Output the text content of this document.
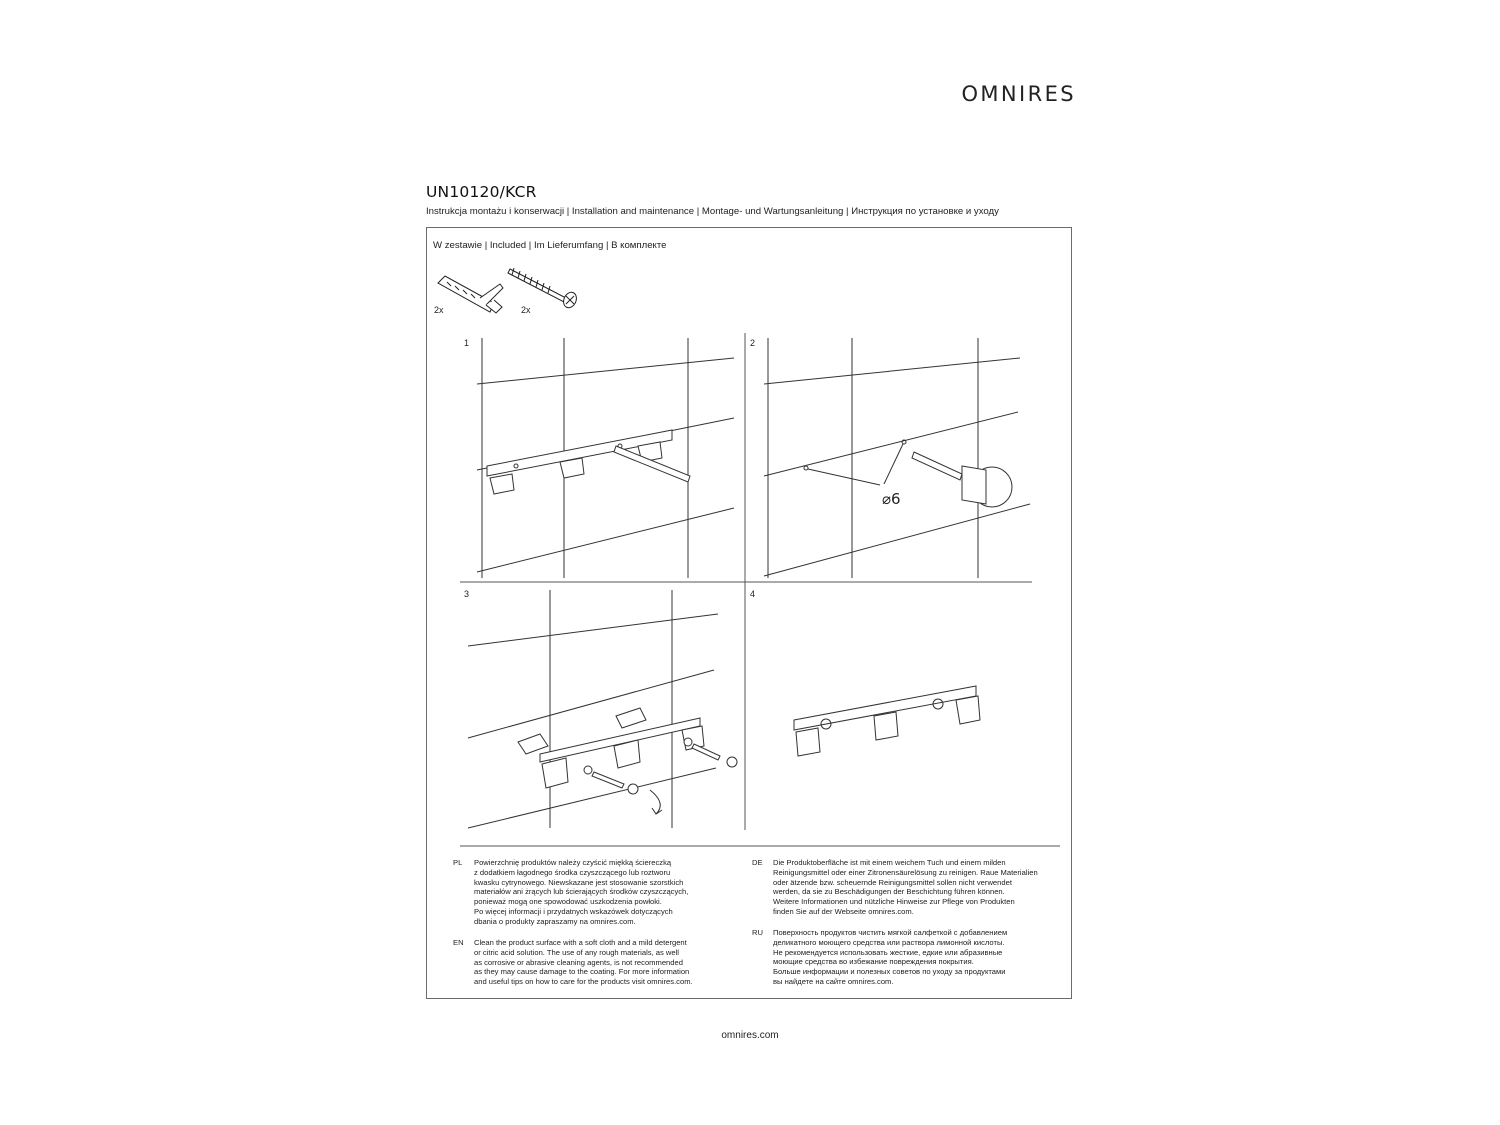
OMNIRES
UN10120/KCR
Instrukcja montażu i konserwacji | Installation and maintenance | Montage- und Wartungsanleitung | Инструкция по установке и уходу
W zestawie | Included | Im Lieferumfang | В комплекте
2x	2x
1	2
3	4
⌀6
PL	Powierzchnię produktów należy czyścić miękką ściereczką
z dodatkiem łagodnego środka czyszczącego lub roztworu
kwasku cytrynowego. Niewskazane jest stosowanie szorstkich
materiałów ani żrących lub ścierających środków czyszczących,
ponieważ mogą one spowodować uszkodzenia powłoki.
Po więcej informacji i przydatnych wskazówek dotyczących
dbania o produkty zapraszamy na omnires.com.
EN	Clean the product surface with a soft cloth and a mild detergent
or citric acid solution. The use of any rough materials, as well
as corrosive or abrasive cleaning agents, is not recommended
as they may cause damage to the coating. For more information
and useful tips on how to care for the products visit omnires.com.
DE	Die Produktoberfläche ist mit einem weichem Tuch und einem milden
Reinigungsmittel oder einer Zitronensäurelösung zu reinigen. Raue Materialien
oder ätzende bzw. scheuernde Reinigungsmittel sollen nicht verwendet
werden, da sie zu Beschädigungen der Beschichtung führen können.
Weitere Informationen und nützliche Hinweise zur Pflege von Produkten
finden Sie auf der Webseite omnires.com.
RU	Поверхность продуктов чистить мягкой салфеткой с добавлением
деликатного моющего средства или раствора лимонной кислоты.
Не рекомендуется использовать жесткие, едкие или абразивные
моющие средства во избежание повреждения покрытия.
Больше информации и полезных советов по уходу за продуктами
вы найдете на сайте omnires.com.
omnires.com
